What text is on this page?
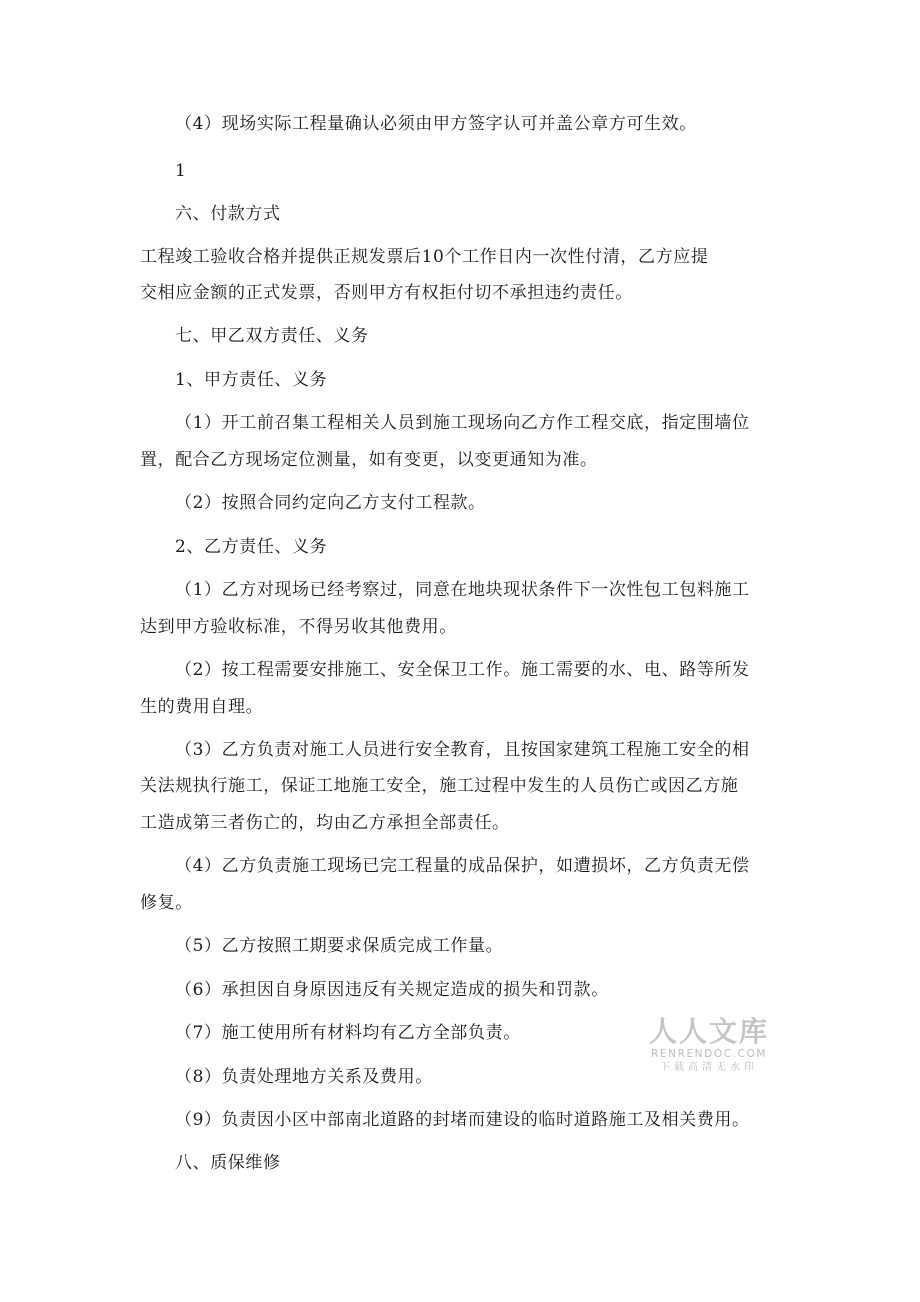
（4）现场实际工程量确认必须由甲方签字认可并盖公章方可生效。
1
六、付款方式
工程竣工验收合格并提供正规发票后10个工作日内一次性付清，乙方应提
交相应金额的正式发票，否则甲方有权拒付切不承担违约责任。
七、甲乙双方责任、义务
1、甲方责任、义务
（1）开工前召集工程相关人员到施工现场向乙方作工程交底，指定围墙位
置，配合乙方现场定位测量，如有变更，以变更通知为准。
（2）按照合同约定向乙方支付工程款。
2、乙方责任、义务
（1）乙方对现场已经考察过，同意在地块现状条件下一次性包工包料施工
达到甲方验收标准，不得另收其他费用。
（2）按工程需要安排施工、安全保卫工作。施工需要的水、电、路等所发
生的费用自理。
（3）乙方负责对施工人员进行安全教育，且按国家建筑工程施工安全的相
关法规执行施工，保证工地施工安全，施工过程中发生的人员伤亡或因乙方施
工造成第三者伤亡的，均由乙方承担全部责任。
（4）乙方负责施工现场已完工程量的成品保护，如遭损坏，乙方负责无偿
修复。
（5）乙方按照工期要求保质完成工作量。
（6）承担因自身原因违反有关规定造成的损失和罚款。
（7）施工使用所有材料均有乙方全部负责。
（8）负责处理地方关系及费用。
（9）负责因小区中部南北道路的封堵而建设的临时道路施工及相关费用。
八、质保维修
人人文库
RENRENDOC.COM
下载高清无水印
